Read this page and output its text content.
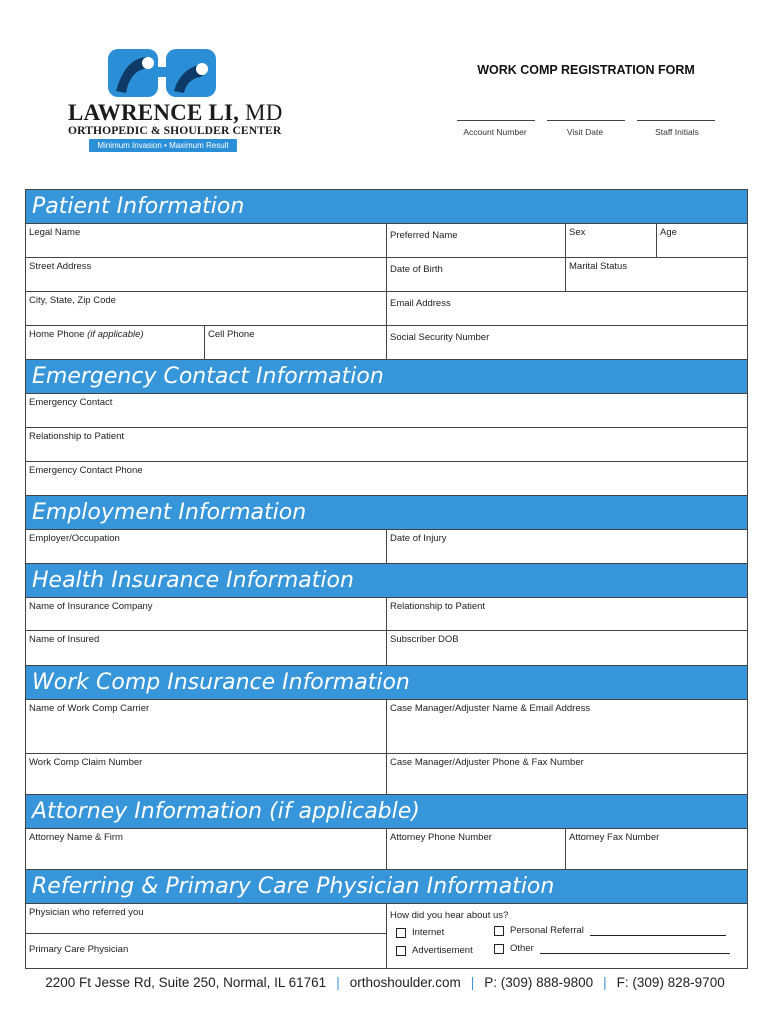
LAWRENCE LI, MD
ORTHOPEDIC & SHOULDER CENTER
Minimum Invasion • Maximum Result
WORK COMP REGISTRATION FORM
Account Number	Visit Date	Staff Initials
Patient Information
Legal Name	Preferred Name	Sex	Age
Street Address	Date of Birth	Marital Status
City, State, Zip Code	Email Address
Home Phone (if applicable)	Cell Phone	Social Security Number
Emergency Contact Information
Emergency Contact
Relationship to Patient
Emergency Contact Phone
Employment Information
Employer/Occupation	Date of Injury
Health Insurance Information
Name of Insurance Company	Relationship to Patient
Name of Insured	Subscriber DOB
Work Comp Insurance Information
Name of Work Comp Carrier	Case Manager/Adjuster Name & Email Address
Work Comp Claim Number	Case Manager/Adjuster Phone & Fax Number
Attorney Information (if applicable)
Attorney Name & Firm	Attorney Phone Number	Attorney Fax Number
Referring & Primary Care Physician Information
Physician who referred you
Primary Care Physician
How did you hear about us?
Internet	Personal Referral
Advertisement	Other
2200 Ft Jesse Rd, Suite 250, Normal, IL 61761 | orthoshoulder.com | P: (309) 888-9800 | F: (309) 828-9700
